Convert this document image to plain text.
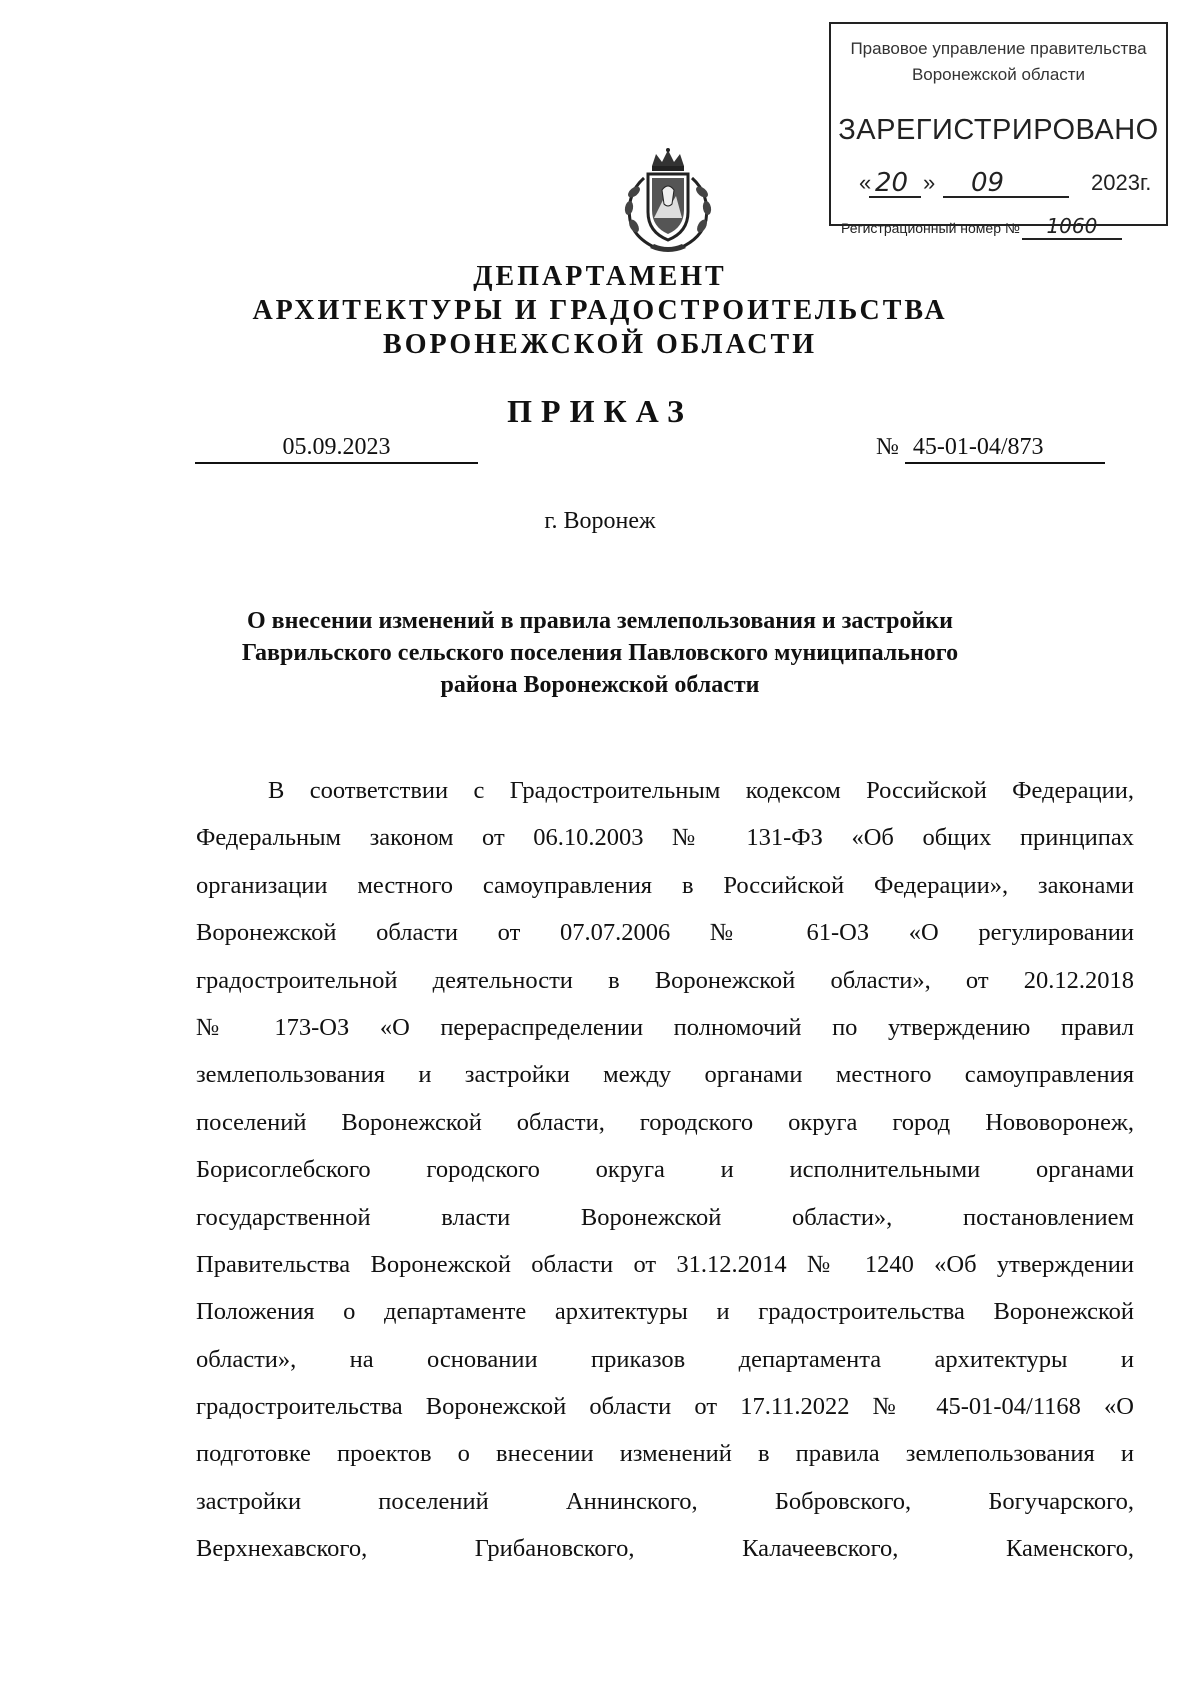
Правовое управление правительства
Воронежской области
ЗАРЕГИСТРИРОВАНО
« 20 » 09	2023г.
Регистрационный номер № 1060
ДЕПАРТАМЕНТ
АРХИТЕКТУРЫ И ГРАДОСТРОИТЕЛЬСТВА
ВОРОНЕЖСКОЙ ОБЛАСТИ
ПРИКАЗ
05.09.2023	№ 45-01-04/873
г. Воронеж
О внесении изменений в правила землепользования и застройки
Гаврильского сельского поселения Павловского муниципального
района Воронежской области
В соответствии с Градостроительным кодексом Российской Федерации,
Федеральным законом от 06.10.2003 № 131-ФЗ «Об общих принципах
организации местного самоуправления в Российской Федерации», законами
Воронежской области от 07.07.2006 № 61-ОЗ «О регулировании
градостроительной деятельности в Воронежской области», от 20.12.2018
№ 173-ОЗ «О перераспределении полномочий по утверждению правил
землепользования и застройки между органами местного самоуправления
поселений Воронежской области, городского округа город Нововоронеж,
Борисоглебского городского округа и исполнительными органами
государственной власти Воронежской области», постановлением
Правительства Воронежской области от 31.12.2014 № 1240 «Об утверждении
Положения о департаменте архитектуры и градостроительства Воронежской
области», на основании приказов департамента архитектуры и
градостроительства Воронежской области от 17.11.2022 № 45-01-04/1168 «О
подготовке проектов о внесении изменений в правила землепользования и
застройки поселений Аннинского, Бобровского, Богучарского,
Верхнехавского, Грибановского, Калачеевского, Каменского,
